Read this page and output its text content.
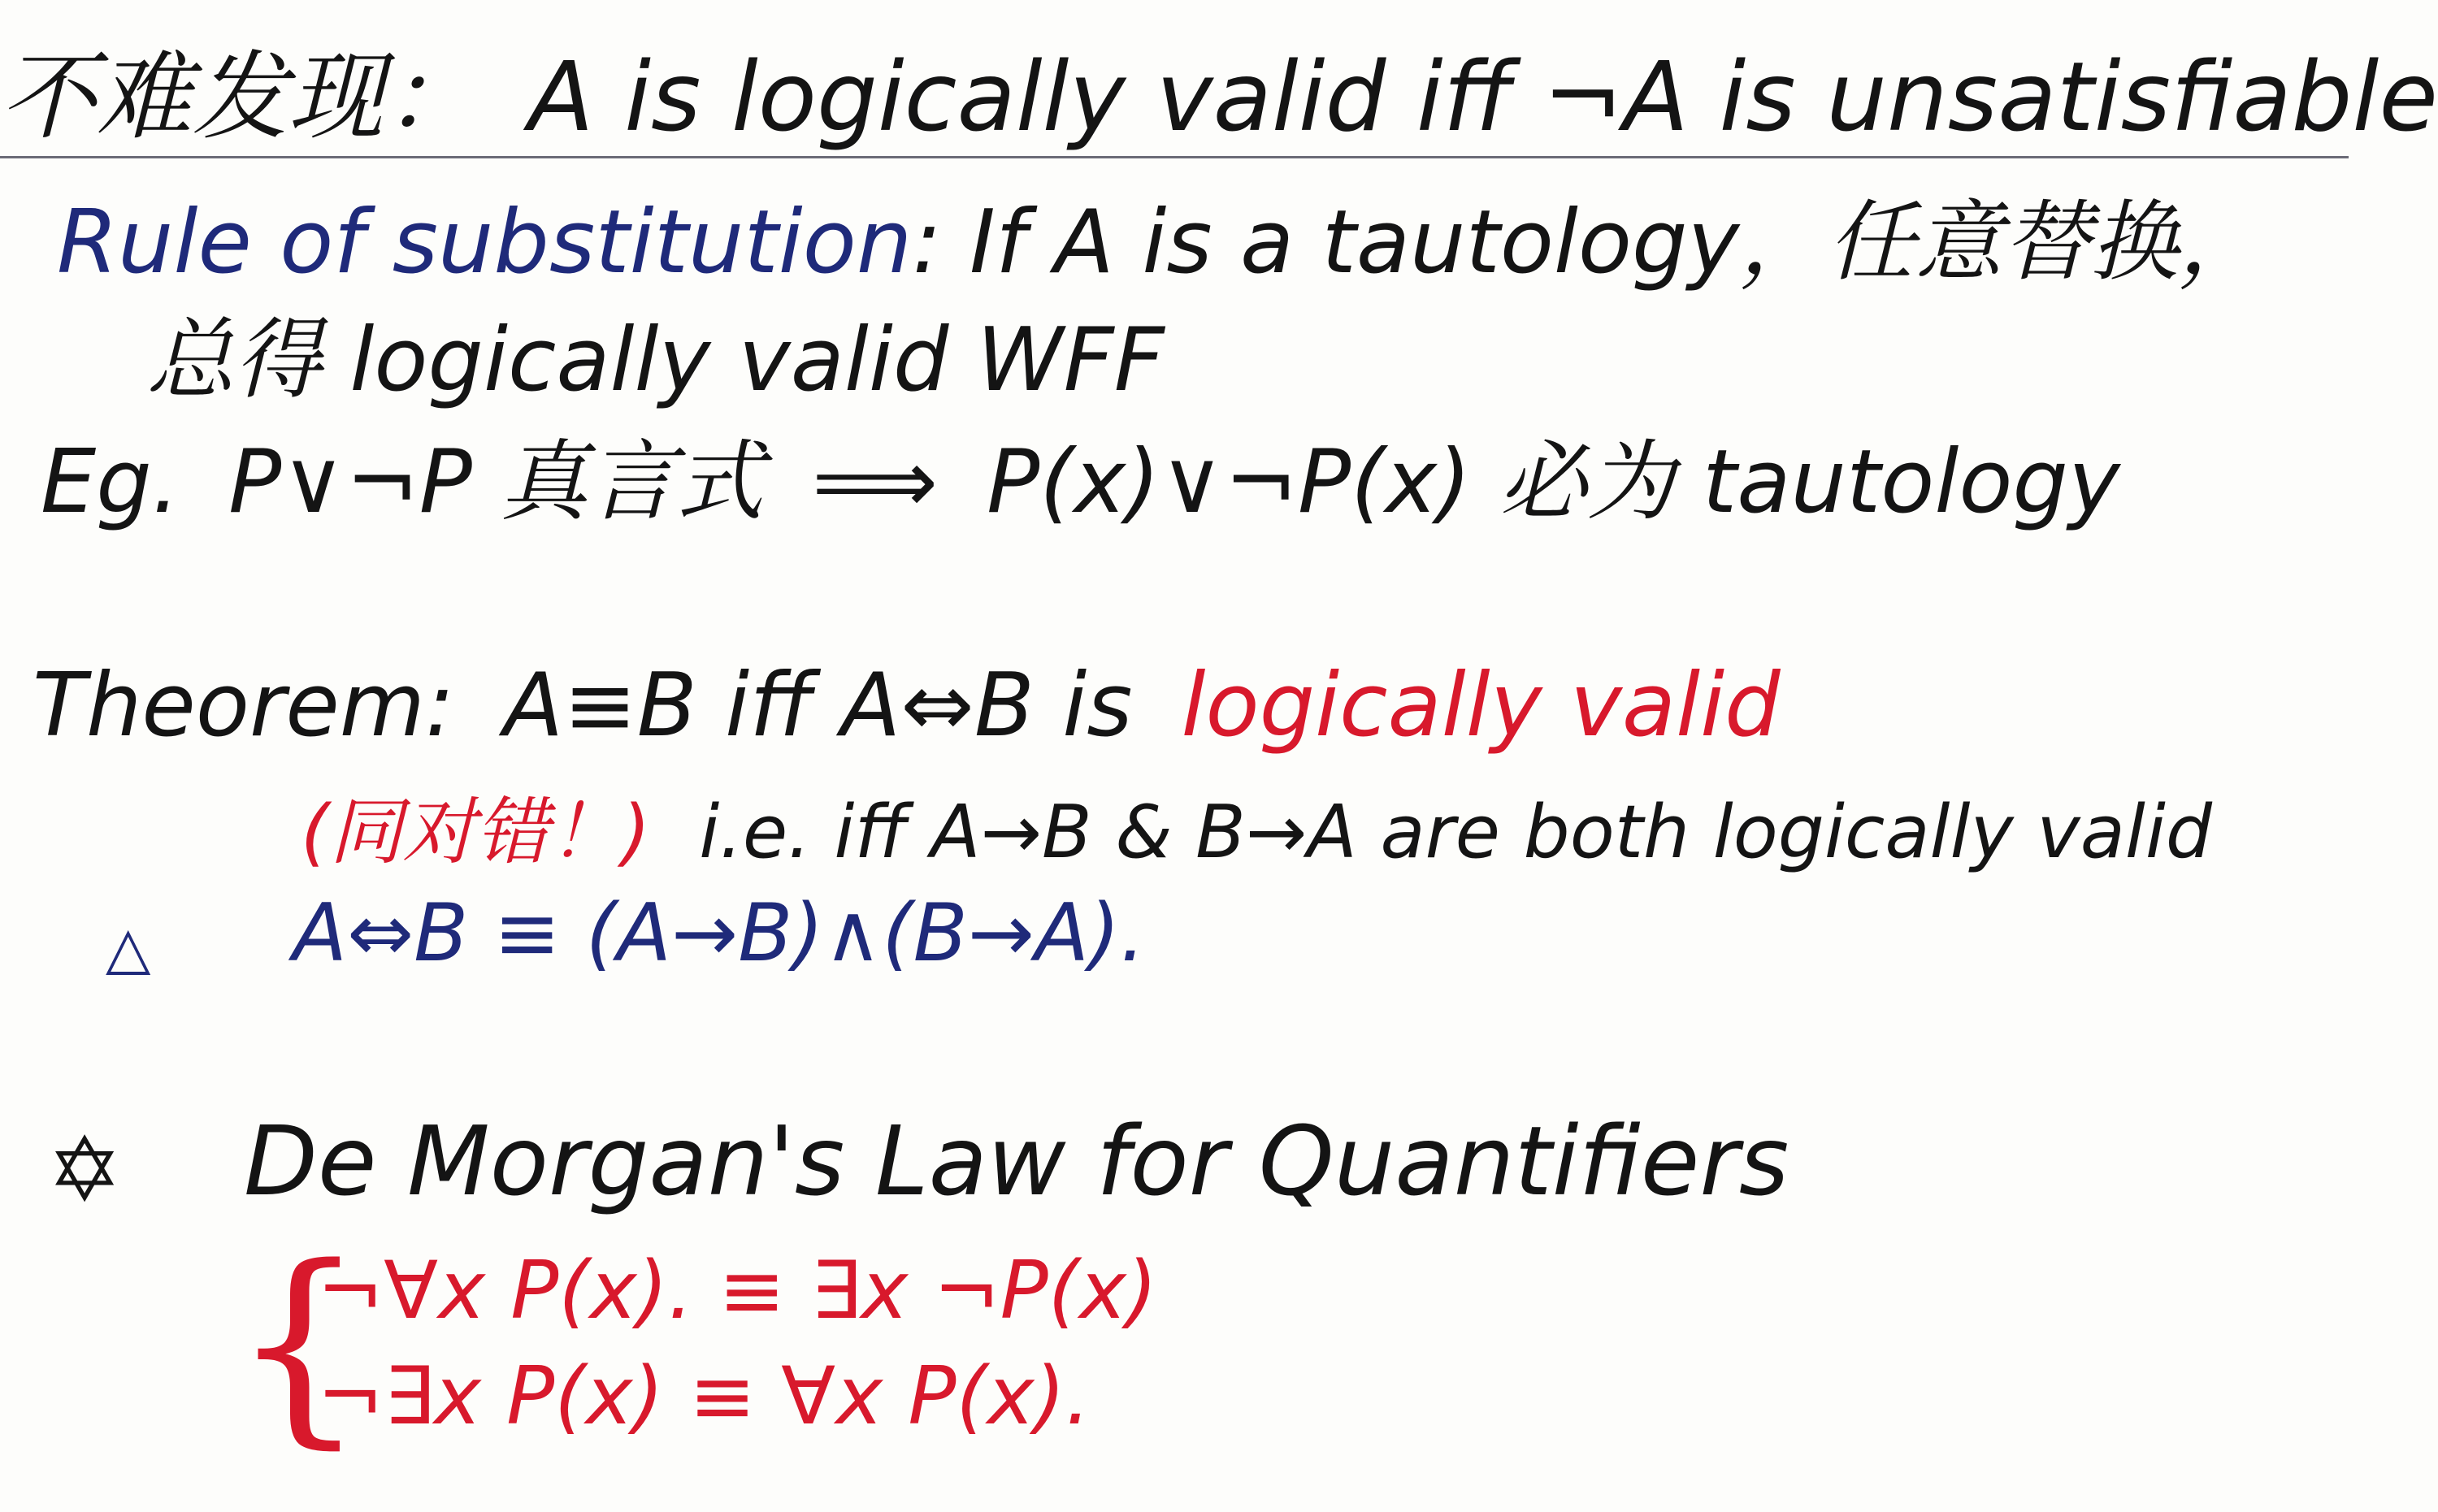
不难发现： A is logically valid iff ¬A is unsatisfiable
Rule of substitution: If A is a tautology，任意替换，
总得 logically valid WFF
Eg. P∨¬P 真言式 ⟹ P(x)∨¬P(x) 必为 tautology
Theorem: A≡B iff A⇔B is logically valid
(同对错！) i.e. iff A→B & B→A are both logically valid
△ A⇔B ≡ (A→B)∧(B→A).
✡ De Morgan's Law for Quantifiers
{
¬∀x P(x). ≡ ∃x ¬P(x)
¬∃x P(x) ≡ ∀x P(x).
